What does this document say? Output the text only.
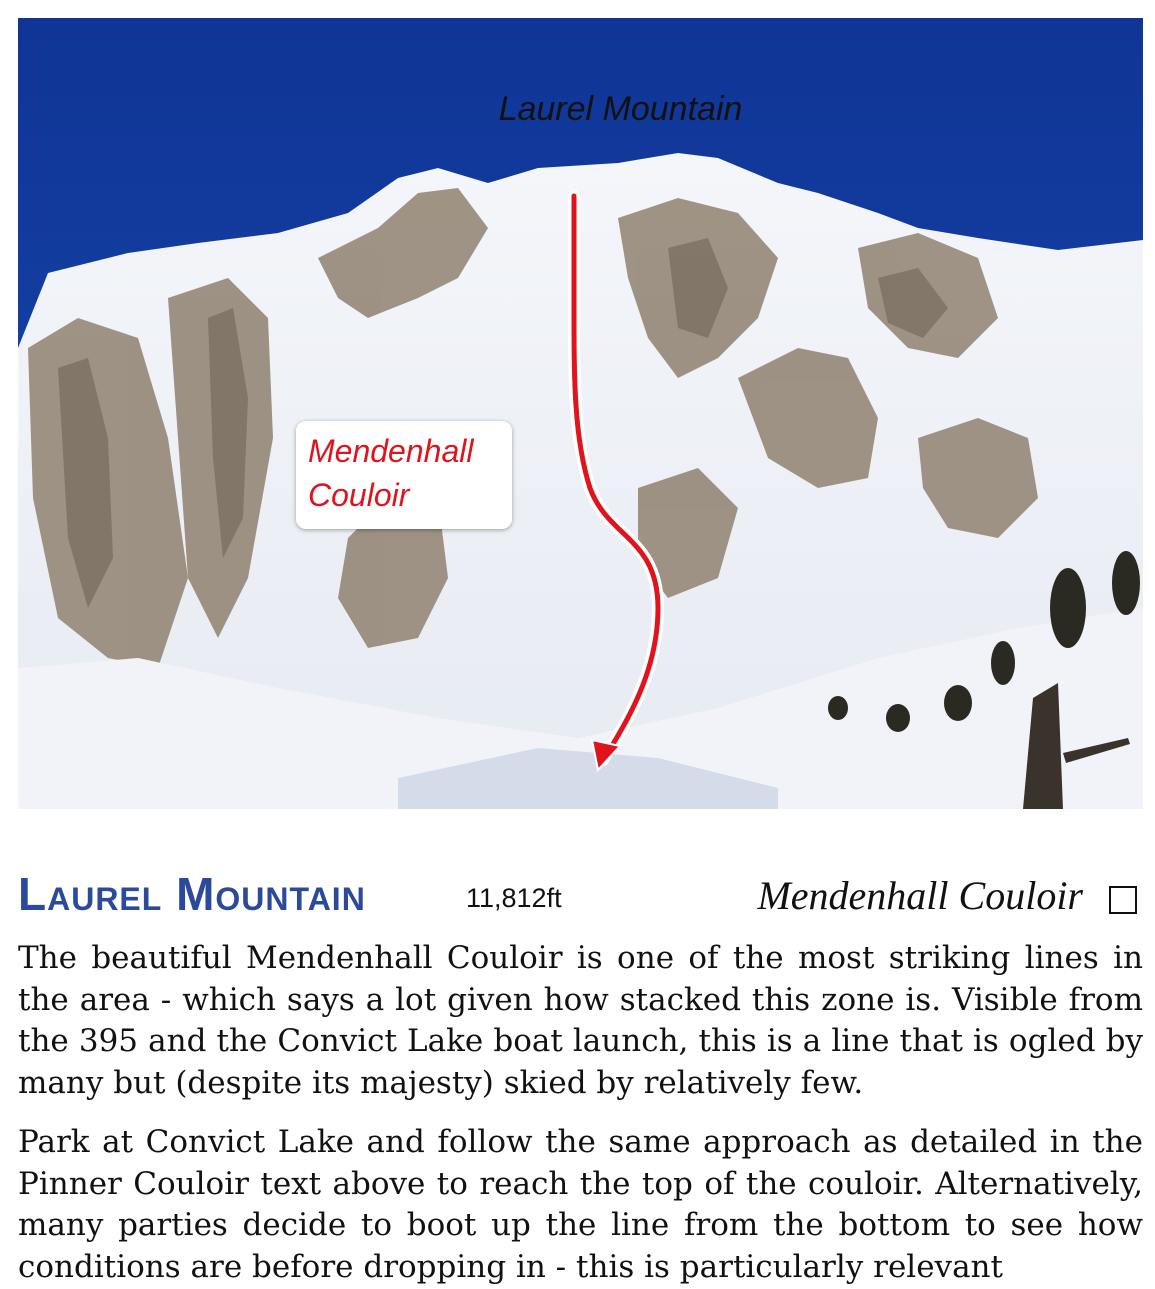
Laurel Mountain
Mendenhall
Couloir
Laurel Mountain	11,812ft	Mendenhall Couloir

The beautiful Mendenhall Couloir is one of the most striking lines in the area - which says a lot given how stacked this zone is. Visible from the 395 and the Convict Lake boat launch, this is a line that is ogled by many but (despite its majesty) skied by relatively few.

Park at Convict Lake and follow the same approach as detailed in the Pinner Couloir text above to reach the top of the couloir. Alternatively, many parties decide to boot up the line from the bottom to see how conditions are before dropping in - this is particularly relevant
